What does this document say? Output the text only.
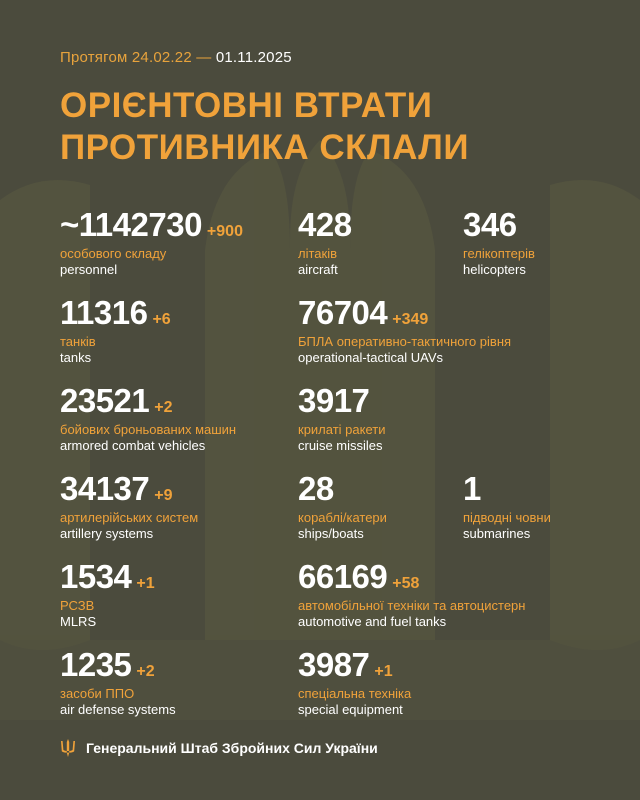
Протягом 24.02.22 — 01.11.2025
ОРІЄНТОВНІ ВТРАТИ
ПРОТИВНИКА СКЛАЛИ
~1142730 +900
особового складу
personnel
428
літаків
aircraft
346
гелікоптерів
helicopters
11316 +6
танків
tanks
76704 +349
БПЛА оперативно-тактичного рівня
operational-tactical UAVs
23521 +2
бойових броньованих машин
armored combat vehicles
3917
крилаті ракети
cruise missiles
34137 +9
артилерійських систем
artillery systems
28
кораблі/катери
ships/boats
1
підводні човни
submarines
1534 +1
РСЗВ
MLRS
66169 +58
автомобільної техніки та автоцистерн
automotive and fuel tanks
1235 +2
засоби ППО
air defense systems
3987 +1
спеціальна техніка
special equipment
Генеральний Штаб Збройних Сил України
